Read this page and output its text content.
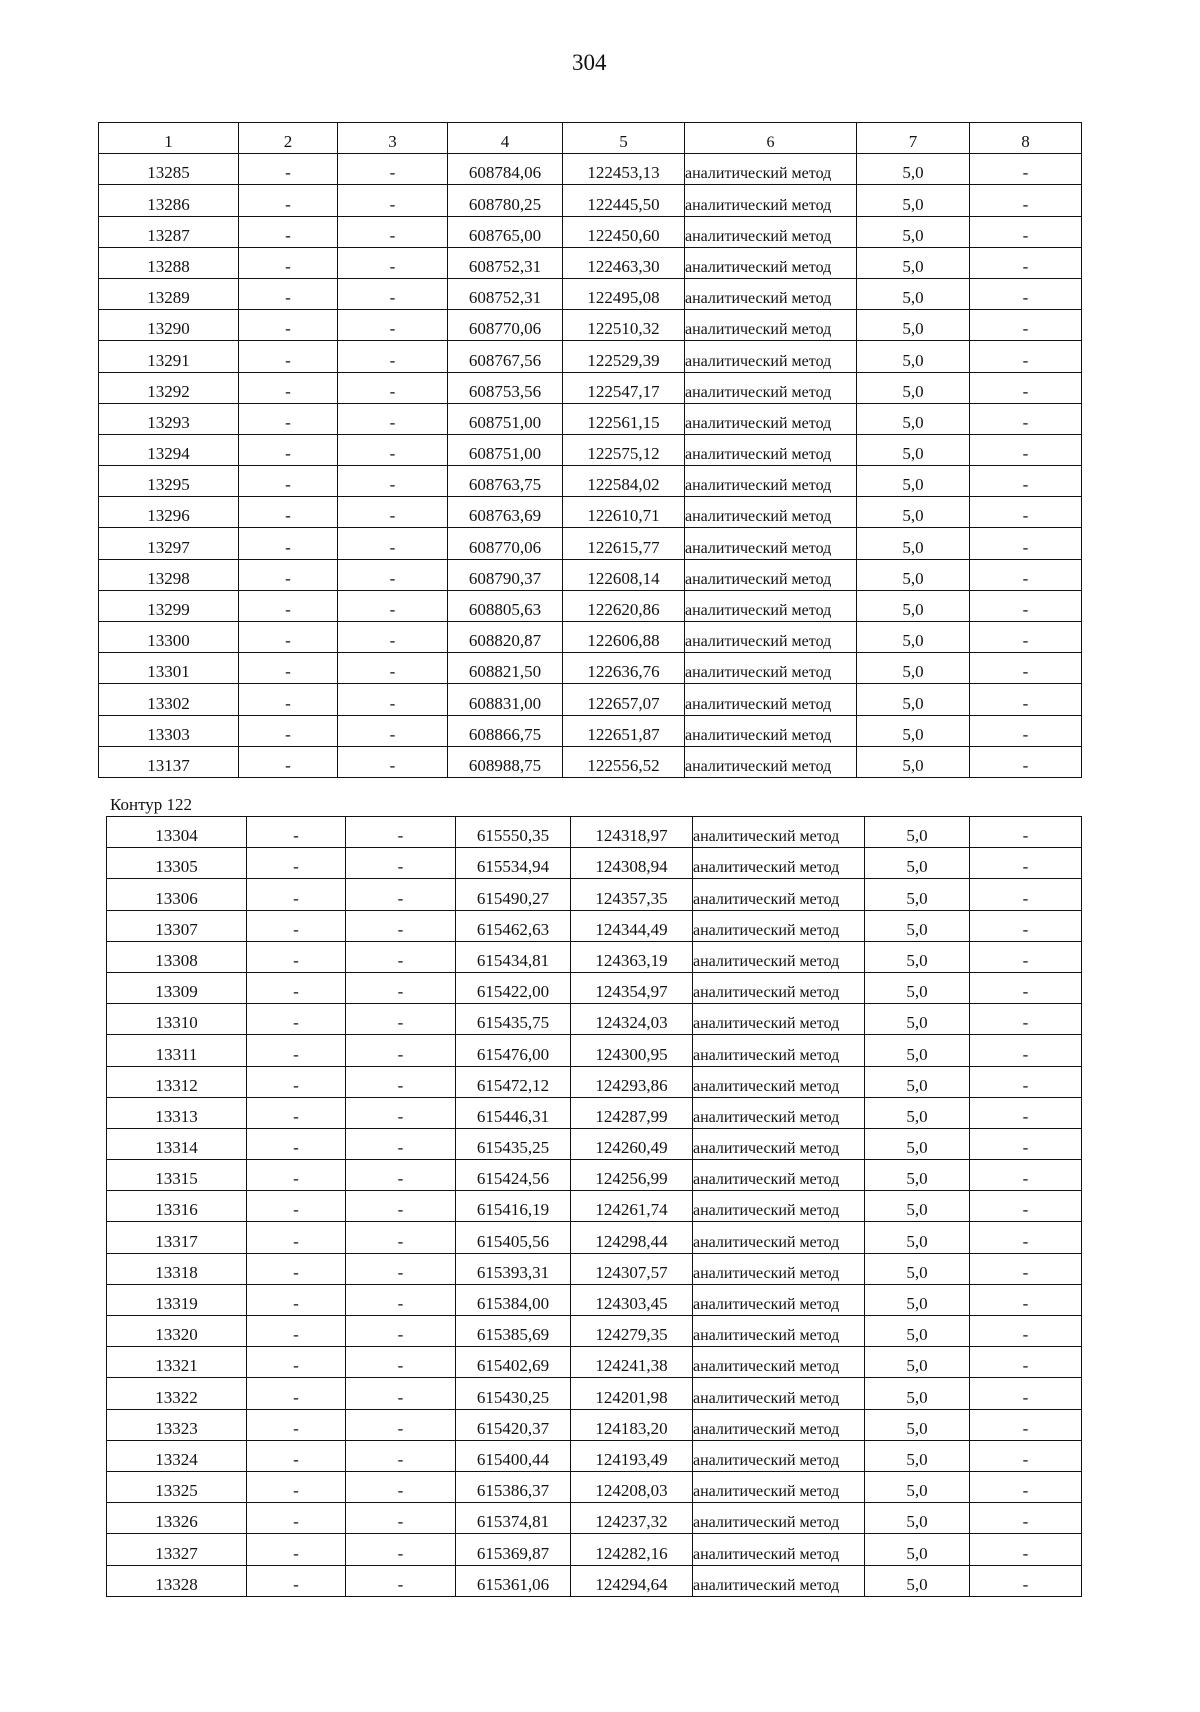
304
1	2	3	4	5	6	7	8

13285	-	-	608784,06	122453,13	аналитический метод	5,0	-

13286	-	-	608780,25	122445,50	аналитический метод	5,0	-

13287	-	-	608765,00	122450,60	аналитический метод	5,0	-

13288	-	-	608752,31	122463,30	аналитический метод	5,0	-

13289	-	-	608752,31	122495,08	аналитический метод	5,0	-

13290	-	-	608770,06	122510,32	аналитический метод	5,0	-

13291	-	-	608767,56	122529,39	аналитический метод	5,0	-

13292	-	-	608753,56	122547,17	аналитический метод	5,0	-

13293	-	-	608751,00	122561,15	аналитический метод	5,0	-

13294	-	-	608751,00	122575,12	аналитический метод	5,0	-

13295	-	-	608763,75	122584,02	аналитический метод	5,0	-

13296	-	-	608763,69	122610,71	аналитический метод	5,0	-

13297	-	-	608770,06	122615,77	аналитический метод	5,0	-

13298	-	-	608790,37	122608,14	аналитический метод	5,0	-

13299	-	-	608805,63	122620,86	аналитический метод	5,0	-

13300	-	-	608820,87	122606,88	аналитический метод	5,0	-

13301	-	-	608821,50	122636,76	аналитический метод	5,0	-

13302	-	-	608831,00	122657,07	аналитический метод	5,0	-

13303	-	-	608866,75	122651,87	аналитический метод	5,0	-

13137	-	-	608988,75	122556,52	аналитический метод	5,0	-
Контур 122
13304	-	-	615550,35	124318,97	аналитический метод	5,0	-

13305	-	-	615534,94	124308,94	аналитический метод	5,0	-

13306	-	-	615490,27	124357,35	аналитический метод	5,0	-

13307	-	-	615462,63	124344,49	аналитический метод	5,0	-

13308	-	-	615434,81	124363,19	аналитический метод	5,0	-

13309	-	-	615422,00	124354,97	аналитический метод	5,0	-

13310	-	-	615435,75	124324,03	аналитический метод	5,0	-

13311	-	-	615476,00	124300,95	аналитический метод	5,0	-

13312	-	-	615472,12	124293,86	аналитический метод	5,0	-

13313	-	-	615446,31	124287,99	аналитический метод	5,0	-

13314	-	-	615435,25	124260,49	аналитический метод	5,0	-

13315	-	-	615424,56	124256,99	аналитический метод	5,0	-

13316	-	-	615416,19	124261,74	аналитический метод	5,0	-

13317	-	-	615405,56	124298,44	аналитический метод	5,0	-

13318	-	-	615393,31	124307,57	аналитический метод	5,0	-

13319	-	-	615384,00	124303,45	аналитический метод	5,0	-

13320	-	-	615385,69	124279,35	аналитический метод	5,0	-

13321	-	-	615402,69	124241,38	аналитический метод	5,0	-

13322	-	-	615430,25	124201,98	аналитический метод	5,0	-

13323	-	-	615420,37	124183,20	аналитический метод	5,0	-

13324	-	-	615400,44	124193,49	аналитический метод	5,0	-

13325	-	-	615386,37	124208,03	аналитический метод	5,0	-

13326	-	-	615374,81	124237,32	аналитический метод	5,0	-

13327	-	-	615369,87	124282,16	аналитический метод	5,0	-

13328	-	-	615361,06	124294,64	аналитический метод	5,0	-
